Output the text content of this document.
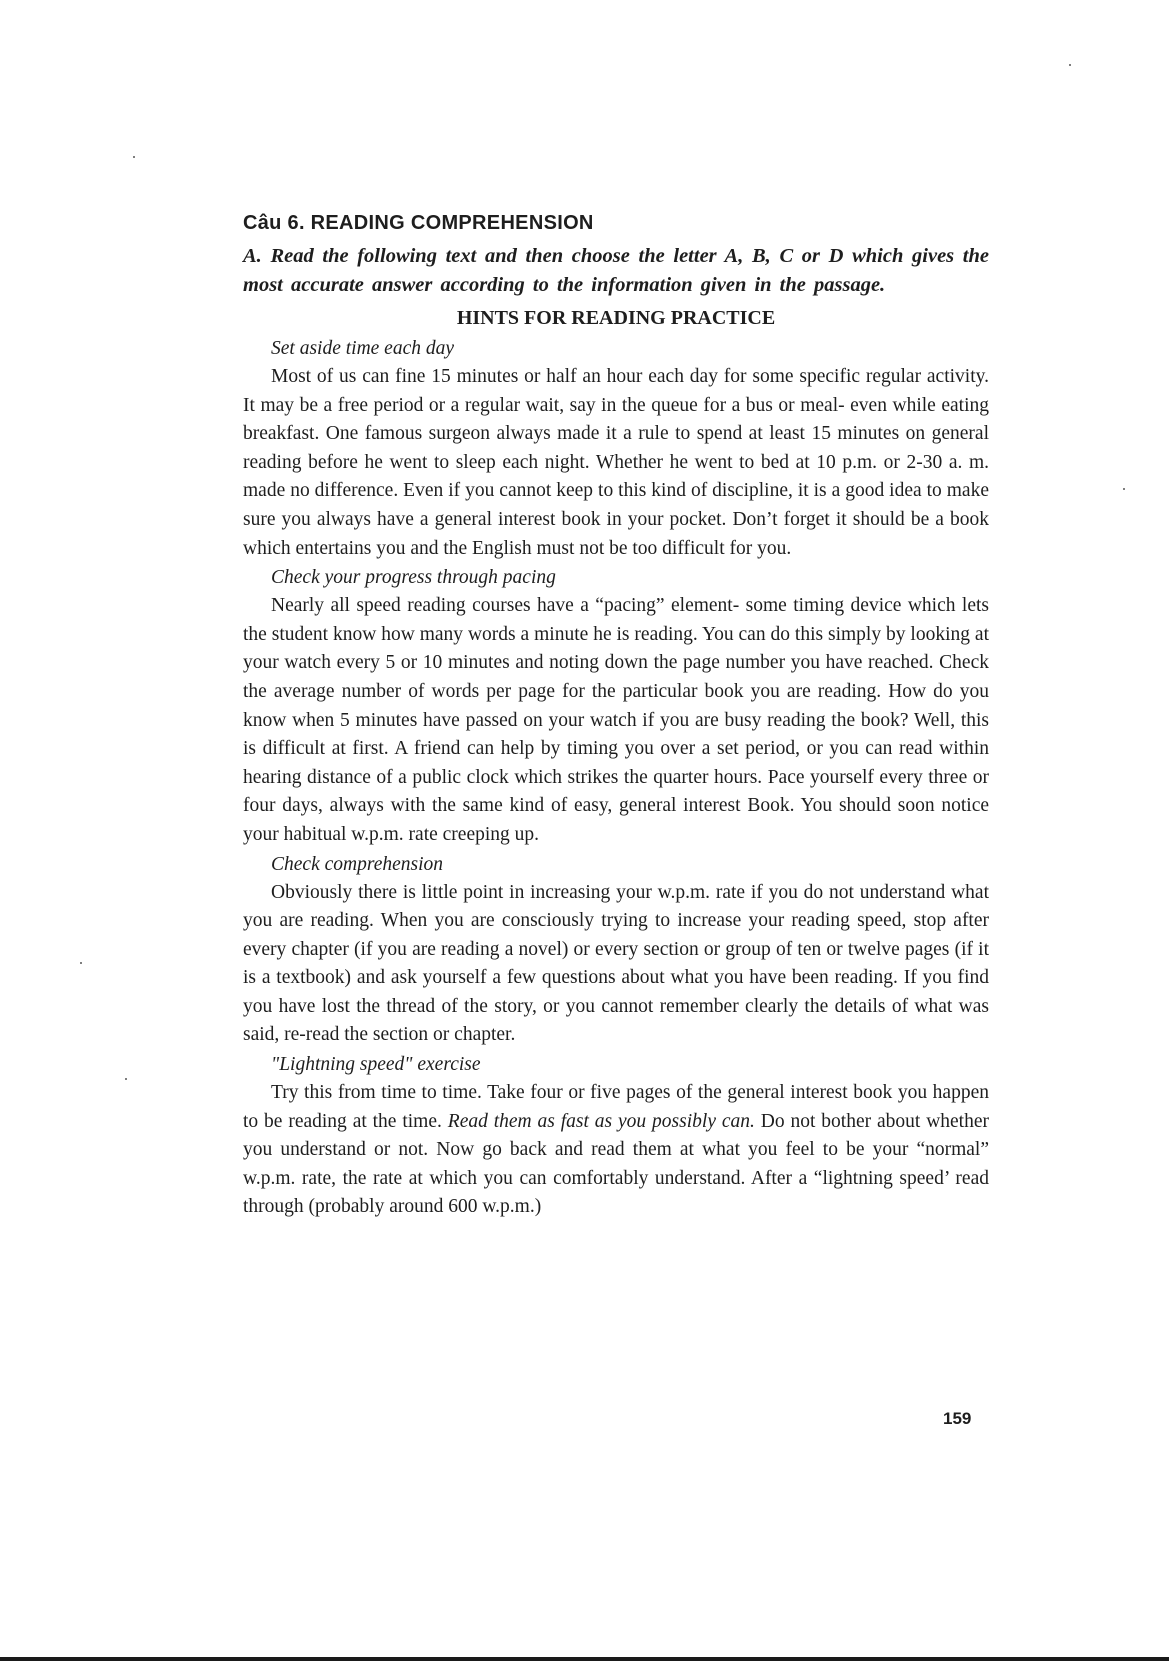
Câu 6. READING COMPREHENSION

A. Read the following text and then choose the letter A, B, C or D which gives the most accurate answer according to the information given in the passage.

HINTS FOR READING PRACTICE

Set aside time each day

Most of us can fine 15 minutes or half an hour each day for some specific regular activity. It may be a free period or a regular wait, say in the queue for a bus or meal- even while eating breakfast. One famous surgeon always made it a rule to spend at least 15 minutes on general reading before he went to sleep each night. Whether he went to bed at 10 p.m. or 2-30 a. m. made no difference. Even if you cannot keep to this kind of discipline, it is a good idea to make sure you always have a general interest book in your pocket. Don’t forget it should be a book which entertains you and the English must not be too difficult for you.

Check your progress through pacing

Nearly all speed reading courses have a “pacing” element- some timing device which lets the student know how many words a minute he is reading. You can do this simply by looking at your watch every 5 or 10 minutes and noting down the page number you have reached. Check the average number of words per page for the particular book you are reading. How do you know when 5 minutes have passed on your watch if you are busy reading the book? Well, this is difficult at first. A friend can help by timing you over a set period, or you can read within hearing distance of a public clock which strikes the quarter hours. Pace yourself every three or four days, always with the same kind of easy, general interest Book. You should soon notice your habitual w.p.m. rate creeping up.

Check comprehension

Obviously there is little point in increasing your w.p.m. rate if you do not understand what you are reading. When you are consciously trying to increase your reading speed, stop after every chapter (if you are reading a novel) or every section or group of ten or twelve pages (if it is a textbook) and ask yourself a few questions about what you have been reading. If you find you have lost the thread of the story, or you cannot remember clearly the details of what was said, re-read the section or chapter.

"Lightning speed" exercise

Try this from time to time. Take four or five pages of the general interest book you happen to be reading at the time. Read them as fast as you possibly can. Do not bother about whether you understand or not. Now go back and read them at what you feel to be your “normal” w.p.m. rate, the rate at which you can comfortably understand. After a “lightning speed’ read through (probably around 600 w.p.m.)

159
